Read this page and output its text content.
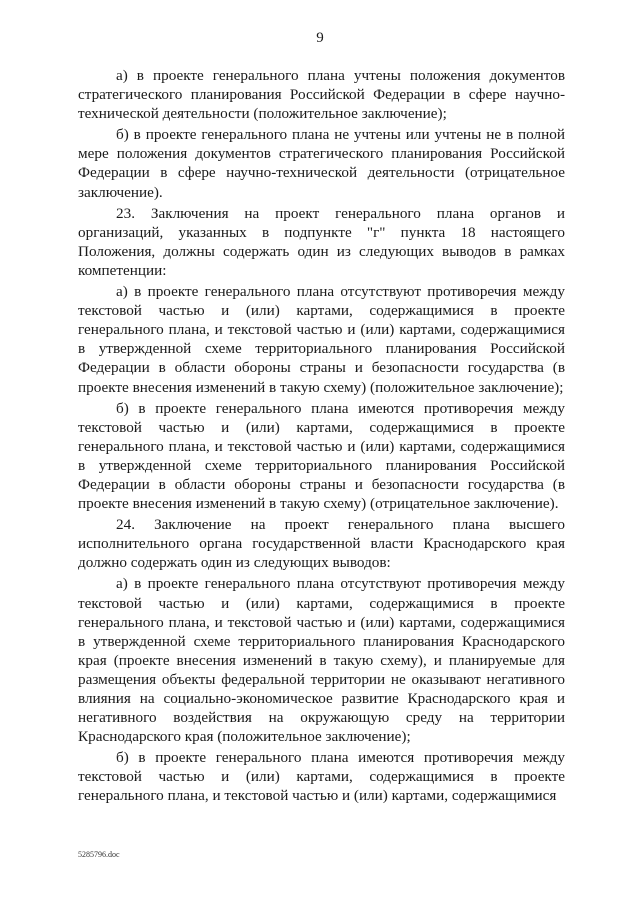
9

а) в проекте генерального плана учтены положения документов стратегического планирования Российской Федерации в сфере научно-технической деятельности (положительное заключение);

б) в проекте генерального плана не учтены или учтены не в полной мере положения документов стратегического планирования Российской Федерации в сфере научно-технической деятельности (отрицательное заключение).

23. Заключения на проект генерального плана органов и организаций, указанных в подпункте "г" пункта 18 настоящего Положения, должны содержать один из следующих выводов в рамках компетенции:

а) в проекте генерального плана отсутствуют противоречия между текстовой частью и (или) картами, содержащимися в проекте генерального плана, и текстовой частью и (или) картами, содержащимися в утвержденной схеме территориального планирования Российской Федерации в области обороны страны и безопасности государства (в проекте внесения изменений в такую схему) (положительное заключение);

б) в проекте генерального плана имеются противоречия между текстовой частью и (или) картами, содержащимися в проекте генерального плана, и текстовой частью и (или) картами, содержащимися в утвержденной схеме территориального планирования Российской Федерации в области обороны страны и безопасности государства (в проекте внесения изменений в такую схему) (отрицательное заключение).

24. Заключение на проект генерального плана высшего исполнительного органа государственной власти Краснодарского края должно содержать один из следующих выводов:

а) в проекте генерального плана отсутствуют противоречия между текстовой частью и (или) картами, содержащимися в проекте генерального плана, и текстовой частью и (или) картами, содержащимися в утвержденной схеме территориального планирования Краснодарского края (проекте внесения изменений в такую схему), и планируемые для размещения объекты федеральной территории не оказывают негативного влияния на социально-экономическое развитие Краснодарского края и негативного воздействия на окружающую среду на территории Краснодарского края (положительное заключение);

б) в проекте генерального плана имеются противоречия между текстовой частью и (или) картами, содержащимися в проекте генерального плана, и текстовой частью и (или) картами, содержащимися

5285796.doc
